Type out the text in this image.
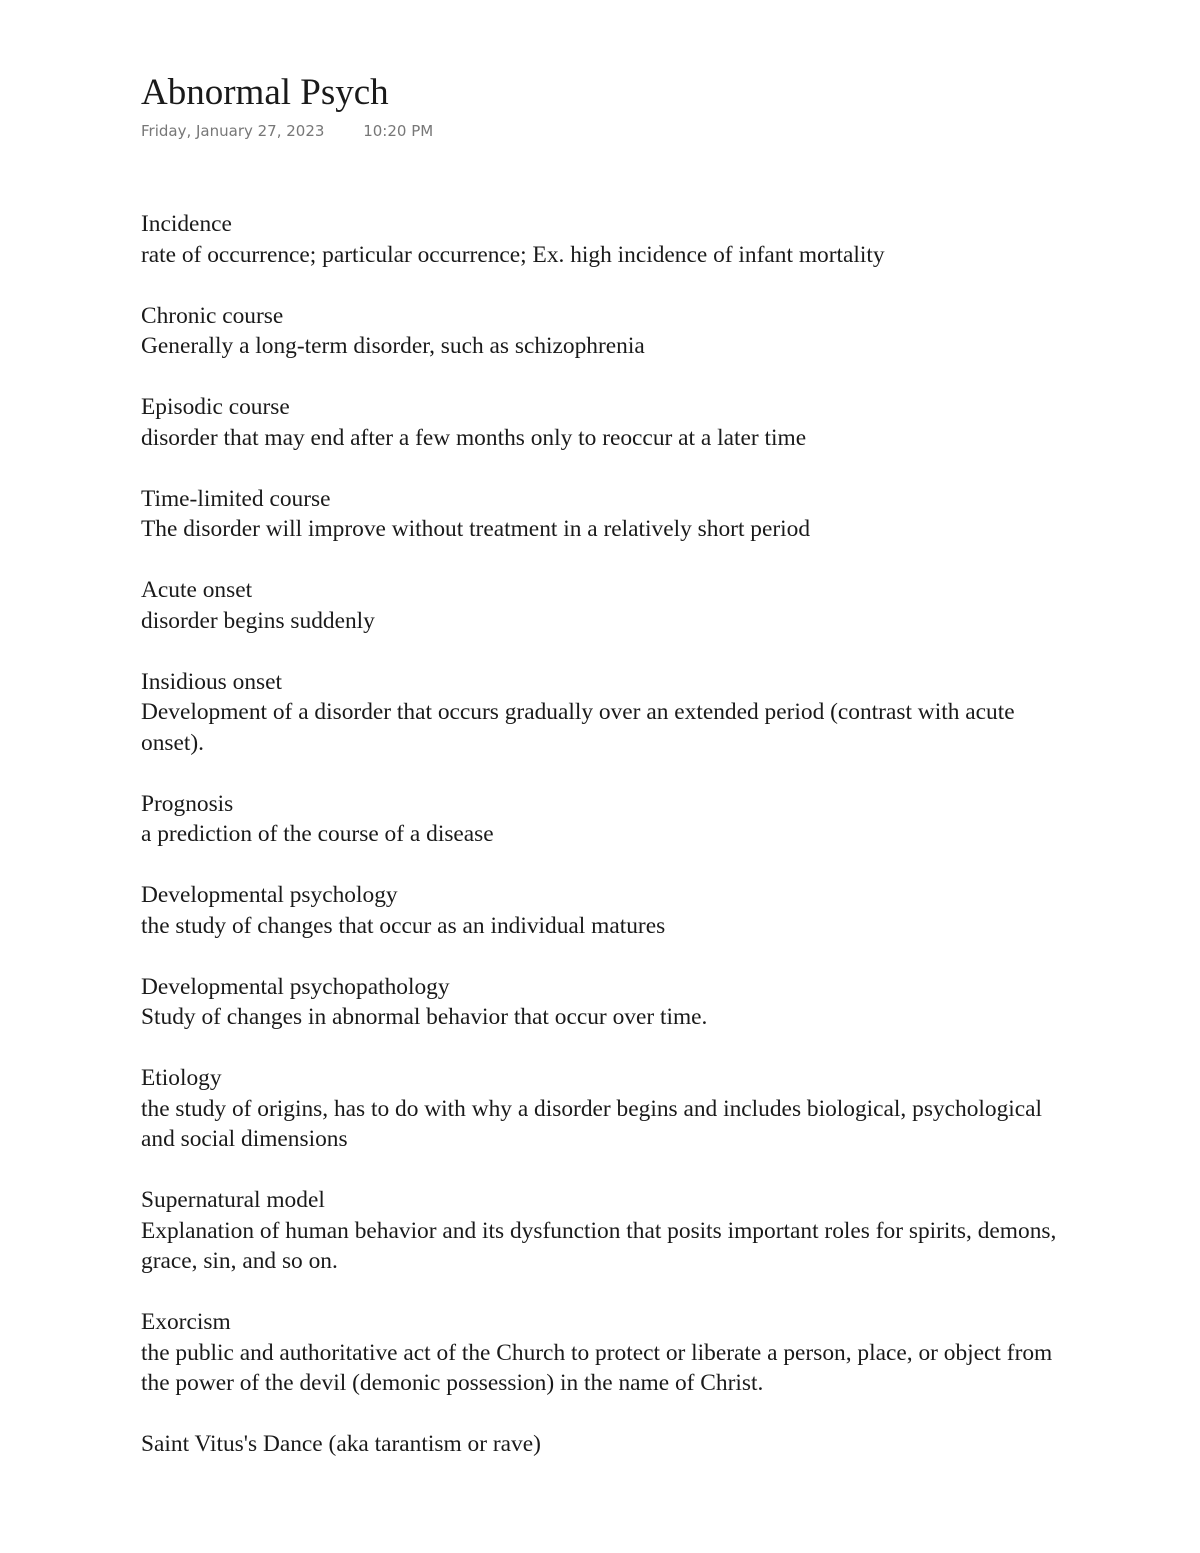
Abnormal Psych
Friday, January 27, 2023	10:20 PM
Incidence
rate of occurrence; particular occurrence; Ex. high incidence of infant mortality
Chronic course
Generally a long-term disorder, such as schizophrenia
Episodic course
disorder that may end after a few months only to reoccur at a later time
Time-limited course
The disorder will improve without treatment in a relatively short period
Acute onset
disorder begins suddenly
Insidious onset
Development of a disorder that occurs gradually over an extended period (contrast with acute onset).
Prognosis
a prediction of the course of a disease
Developmental psychology
the study of changes that occur as an individual matures
Developmental psychopathology
Study of changes in abnormal behavior that occur over time.
Etiology
the study of origins, has to do with why a disorder begins and includes biological, psychological and social dimensions
Supernatural model
Explanation of human behavior and its dysfunction that posits important roles for spirits, demons, grace, sin, and so on.
Exorcism
the public and authoritative act of the Church to protect or liberate a person, place, or object from the power of the devil (demonic possession) in the name of Christ.
Saint Vitus's Dance (aka tarantism or rave)
